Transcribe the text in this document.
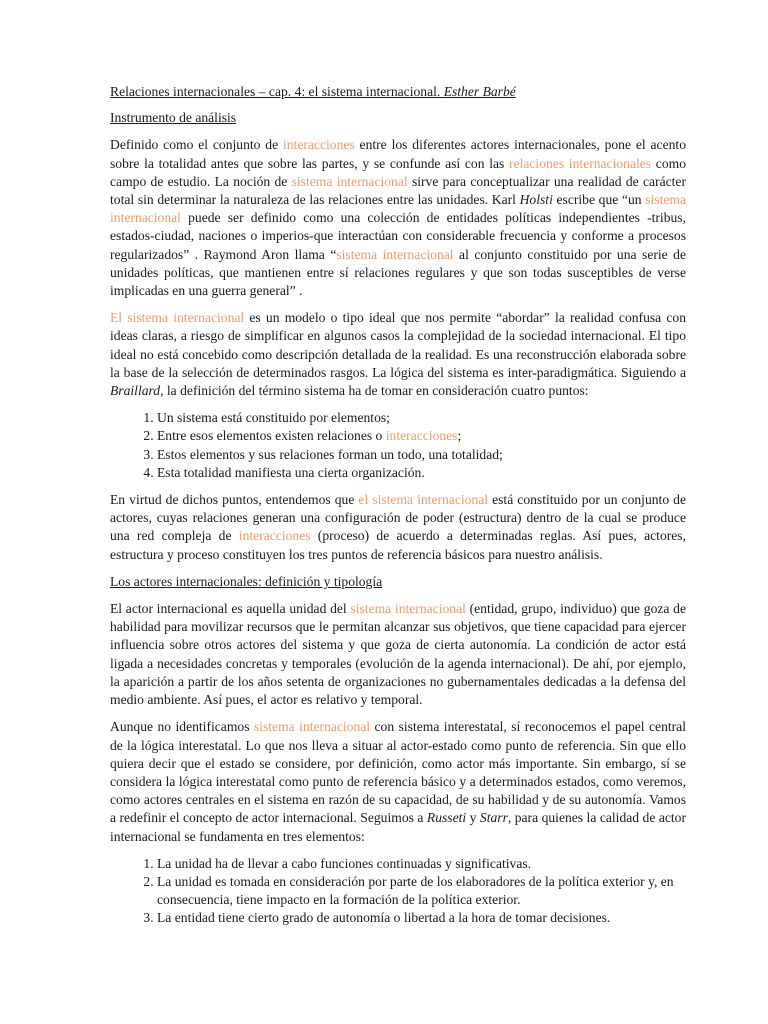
Relaciones internacionales – cap. 4: el sistema internacional. Esther Barbé

Instrumento de análisis

Definido como el conjunto de interacciones entre los diferentes actores internacionales, pone el acento sobre la totalidad antes que sobre las partes, y se confunde así con las relaciones internacionales como campo de estudio. La noción de sistema internacional sirve para conceptualizar una realidad de carácter total sin determinar la naturaleza de las relaciones entre las unidades. Karl Holsti escribe que “un sistema internacional puede ser definido como una colección de entidades políticas independientes -tribus, estados-ciudad, naciones o imperios-que interactúan con considerable frecuencia y conforme a procesos regularizados” . Raymond Aron llama “sistema internacional al conjunto constituido por una serie de unidades políticas, que mantienen entre sí relaciones regulares y que son todas susceptibles de verse implicadas en una guerra general” .

El sistema internacional es un modelo o tipo ideal que nos permite “abordar” la realidad confusa con ideas claras, a riesgo de simplificar en algunos casos la complejidad de la sociedad internacional. El tipo ideal no está concebido como descripción detallada de la realidad. Es una reconstrucción elaborada sobre la base de la selección de determinados rasgos. La lógica del sistema es inter-paradigmática. Siguiendo a Braillard, la definición del término sistema ha de tomar en consideración cuatro puntos:

1. Un sistema está constituido por elementos;
2. Entre esos elementos existen relaciones o interacciones;
3. Estos elementos y sus relaciones forman un todo, una totalidad;
4. Esta totalidad manifiesta una cierta organización.

En virtud de dichos puntos, entendemos que el sistema internacional está constituido por un conjunto de actores, cuyas relaciones generan una configuración de poder (estructura) dentro de la cual se produce una red compleja de interacciones (proceso) de acuerdo a determinadas reglas. Así pues, actores, estructura y proceso constituyen los tres puntos de referencia básicos para nuestro análisis.

Los actores internacionales: definición y tipología

El actor internacional es aquella unidad del sistema internacional (entidad, grupo, individuo) que goza de habilidad para movilizar recursos que le permitan alcanzar sus objetivos, que tiene capacidad para ejercer influencia sobre otros actores del sistema y que goza de cierta autonomía. La condición de actor está ligada a necesidades concretas y temporales (evolución de la agenda internacional). De ahí, por ejemplo, la aparición a partir de los años setenta de organizaciones no gubernamentales dedicadas a la defensa del medio ambiente. Así pues, el actor es relativo y temporal.

Aunque no identificamos sistema internacional con sistema interestatal, sí reconocemos el papel central de la lógica interestatal. Lo que nos lleva a situar al actor-estado como punto de referencia. Sin que ello quiera decir que el estado se considere, por definición, como actor más importante. Sin embargo, sí se considera la lógica interestatal como punto de referencia básico y a determinados estados, como veremos, como actores centrales en el sistema en razón de su capacidad, de su habilidad y de su autonomía. Vamos a redefinir el concepto de actor internacional. Seguimos a Russeti y Starr, para quienes la calidad de actor internacional se fundamenta en tres elementos:

1. La unidad ha de llevar a cabo funciones continuadas y significativas.
2. La unidad es tomada en consideración por parte de los elaboradores de la política exterior y, en consecuencia, tiene impacto en la formación de la política exterior.
3. La entidad tiene cierto grado de autonomía o libertad a la hora de tomar decisiones.
